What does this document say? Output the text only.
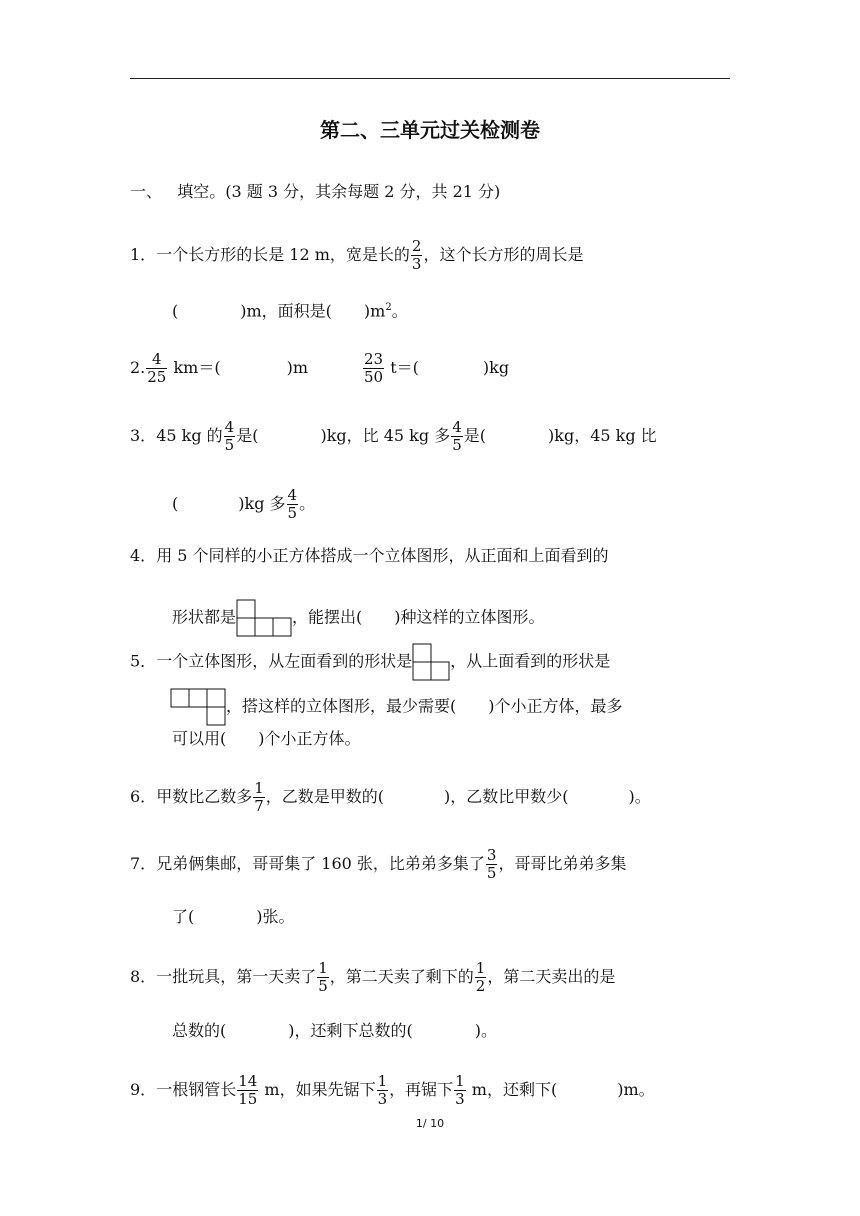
第二、三单元过关检测卷
一、 填空。(3 题 3 分，其余每题 2 分，共 21 分)
1．一个长方形的长是 12 m，宽是长的 $\frac{2}{3}$ ，这个长方形的周长是
(	)m，面积是( )$m^2$。
2. $\frac{4}{25} km=$(	)m	$\frac{23}{50} t=$(	)kg
3．45 kg 的 $\frac{4}{5}$ 是(	)kg，比 45 kg 多 $\frac{4}{5}$ 是(	)kg，45 kg 比
(	)kg 多 $\frac{4}{5}$ 。
4．用 5 个同样的小正方体搭成一个立体图形，从正面和上面看到的
形状都是	，能摆出( )种这样的立体图形。
5．一个立体图形，从左面看到的形状是 ，从上面看到的形状是
，搭这样的立体图形，最少需要( )个小正方体，最多
可以用( )个小正方体。
6．甲数比乙数多 $\frac{1}{7}$ ，乙数是甲数的(	)，乙数比甲数少(	)。
7．兄弟俩集邮，哥哥集了 160 张，比弟弟多集了 $\frac{3}{5}$ ，哥哥比弟弟多集
了(	)张。
8．一批玩具，第一天卖了 $\frac{1}{5}$ ，第二天卖了剩下的 $\frac{1}{2}$ ，第二天卖出的是
总数的(	)，还剩下总数的(	)。
9．一根钢管长 $\frac{14}{15}$ m，如果先锯下 $\frac{1}{3}$ ，再锯下 $\frac{1}{3}$ m，还剩下(	)m。
1/ 10
